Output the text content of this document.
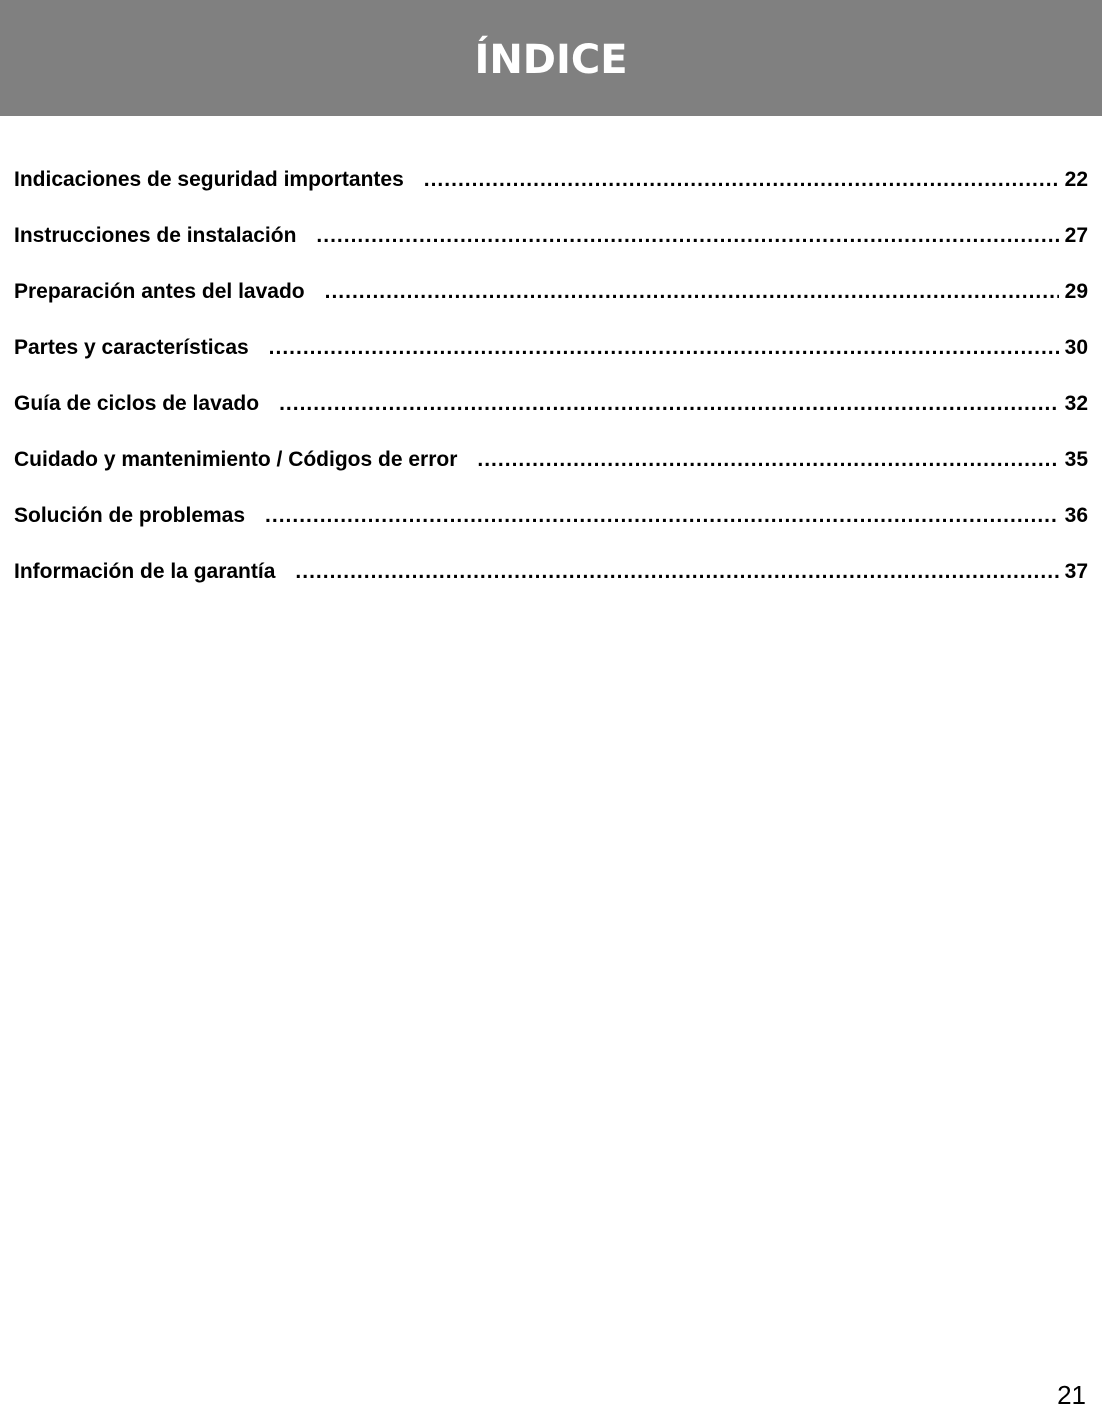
ÍNDICE
Indicaciones de seguridad importantes .....	22
Instrucciones de instalación .....	27
Preparación antes del lavado .....	29
Partes y características .....	30
Guía de ciclos de lavado .....	32
Cuidado y mantenimiento / Códigos de error .....	35
Solución de problemas .....	36
Información de la garantía .....	37
21
